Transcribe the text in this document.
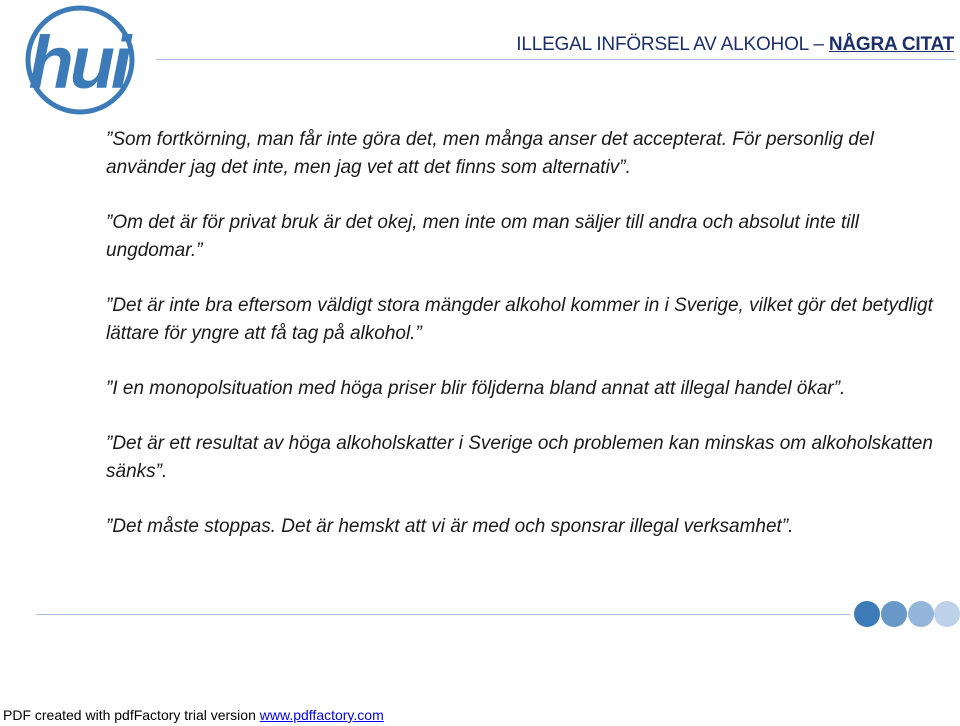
hui	ILLEGAL INFÖRSEL AV ALKOHOL – NÅGRA CITAT

”Som fortkörning, man får inte göra det, men många anser det accepterat. För personlig del använder jag det inte, men jag vet att det finns som alternativ”.

”Om det är för privat bruk är det okej, men inte om man säljer till andra och absolut inte till ungdomar.”

”Det är inte bra eftersom väldigt stora mängder alkohol kommer in i Sverige, vilket gör det betydligt lättare för yngre att få tag på alkohol.”

”I en monopolsituation med höga priser blir följderna bland annat att illegal handel ökar”.

”Det är ett resultat av höga alkoholskatter i Sverige och problemen kan minskas om alkoholskatten sänks”.

”Det måste stoppas. Det är hemskt att vi är med och sponsrar illegal verksamhet”.

PDF created with pdfFactory trial version www.pdffactory.com
